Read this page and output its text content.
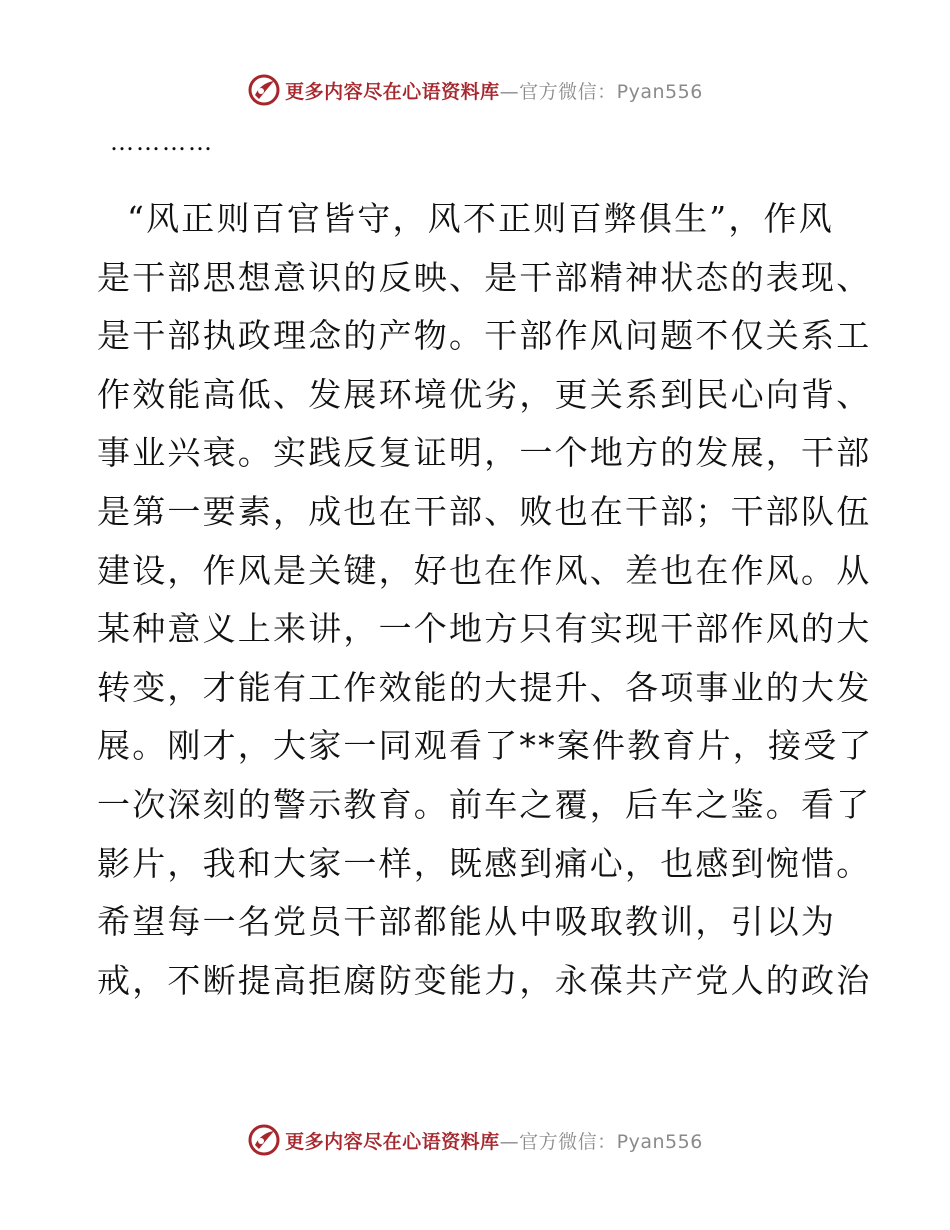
更多内容尽在心语资料库—官方微信：Pyan556
…………
“风正则百官皆守，风不正则百弊俱生”，作风
是干部思想意识的反映、是干部精神状态的表现、
是干部执政理念的产物。干部作风问题不仅关系工
作效能高低、发展环境优劣，更关系到民心向背、
事业兴衰。实践反复证明，一个地方的发展，干部
是第一要素，成也在干部、败也在干部；干部队伍
建设，作风是关键，好也在作风、差也在作风。从
某种意义上来讲，一个地方只有实现干部作风的大
转变，才能有工作效能的大提升、各项事业的大发
展。刚才，大家一同观看了**案件教育片，接受了
一次深刻的警示教育。前车之覆，后车之鉴。看了
影片，我和大家一样，既感到痛心，也感到惋惜。
希望每一名党员干部都能从中吸取教训，引以为
戒，不断提高拒腐防变能力，永葆共产党人的政治
更多内容尽在心语资料库—官方微信：Pyan556
